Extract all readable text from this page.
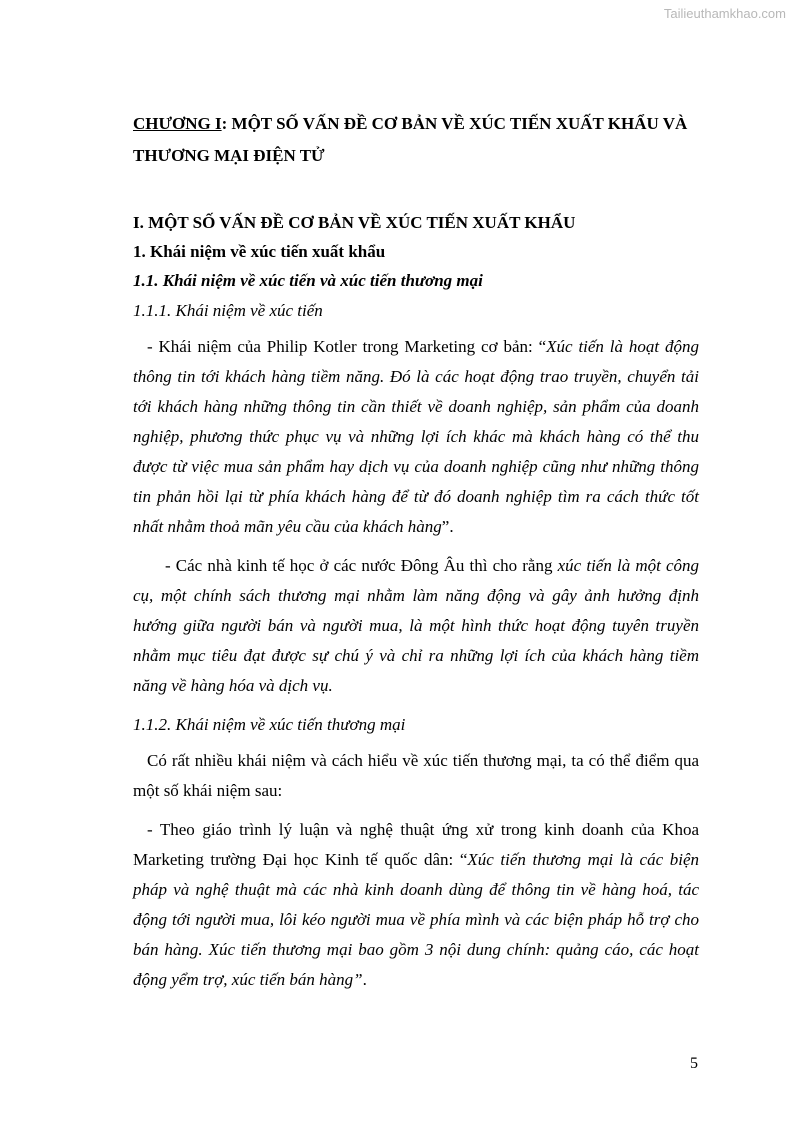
Tailieuthamkhao.com
CHƯƠNG I: MỘT SỐ VẤN ĐỀ CƠ BẢN VỀ XÚC TIẾN XUẤT KHẨU VÀ THƯƠNG MẠI ĐIỆN TỬ
I. MỘT SỐ VẤN ĐỀ CƠ BẢN VỀ XÚC TIẾN XUẤT KHẨU
1. Khái niệm về xúc tiến xuất khẩu
1.1. Khái niệm về xúc tiến và xúc tiến thương mại
1.1.1. Khái niệm về xúc tiến

- Khái niệm của Philip Kotler trong Marketing cơ bản: “Xúc tiến là hoạt động thông tin tới khách hàng tiềm năng. Đó là các hoạt động trao truyền, chuyển tải tới khách hàng những thông tin cần thiết về doanh nghiệp, sản phẩm của doanh nghiệp, phương thức phục vụ và những lợi ích khác mà khách hàng có thể thu được từ việc mua sản phẩm hay dịch vụ của doanh nghiệp cũng như những thông tin phản hồi lại từ phía khách hàng để từ đó doanh nghiệp tìm ra cách thức tốt nhất nhằm thoả mãn yêu cầu của khách hàng”.

- Các nhà kinh tế học ở các nước Đông Âu thì cho rằng xúc tiến là một công cụ, một chính sách thương mại nhằm làm năng động và gây ảnh hưởng định hướng giữa người bán và người mua, là một hình thức hoạt động tuyên truyền nhằm mục tiêu đạt được sự chú ý và chỉ ra những lợi ích của khách hàng tiềm năng về hàng hóa và dịch vụ.

1.1.2. Khái niệm về xúc tiến thương mại

Có rất nhiều khái niệm và cách hiểu về xúc tiến thương mại, ta có thể điểm qua một số khái niệm sau:

- Theo giáo trình lý luận và nghệ thuật ứng xử trong kinh doanh của Khoa Marketing trường Đại học Kinh tế quốc dân: “Xúc tiến thương mại là các biện pháp và nghệ thuật mà các nhà kinh doanh dùng để thông tin về hàng hoá, tác động tới người mua, lôi kéo người mua về phía mình và các biện pháp hỗ trợ cho bán hàng. Xúc tiến thương mại bao gồm 3 nội dung chính: quảng cáo, các hoạt động yểm trợ, xúc tiến bán hàng”.

5
